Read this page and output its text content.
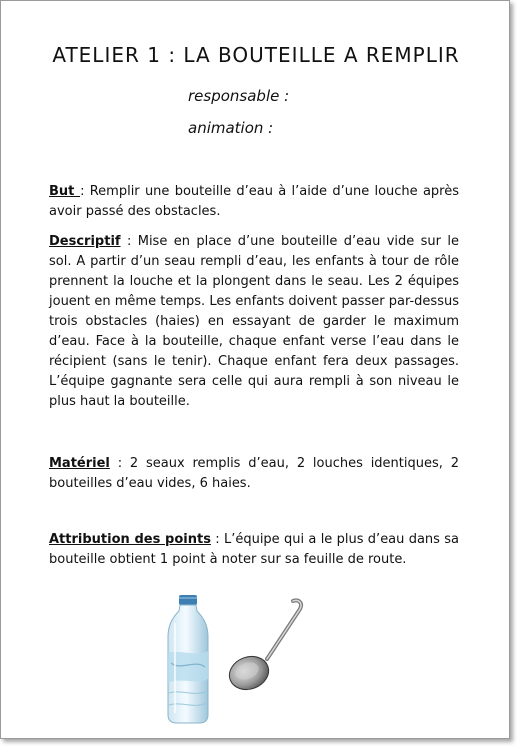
ATELIER 1 : LA BOUTEILLE A REMPLIR
responsable :
animation :

But : Remplir une bouteille d’eau à l’aide d’une louche après avoir passé des obstacles.

Descriptif : Mise en place d’une bouteille d’eau vide sur le sol. A partir d’un seau rempli d’eau, les enfants à tour de rôle prennent la louche et la plongent dans le seau. Les 2 équipes jouent en même temps. Les enfants doivent passer par-dessus trois obstacles (haies) en essayant de garder le maximum d’eau. Face à la bouteille, chaque enfant verse l’eau dans le récipient (sans le tenir). Chaque enfant fera deux passages. L’équipe gagnante sera celle qui aura rempli à son niveau le plus haut la bouteille.

Matériel : 2 seaux remplis d’eau, 2 louches identiques, 2 bouteilles d’eau vides, 6 haies.

Attribution des points : L’équipe qui a le plus d’eau dans sa bouteille obtient 1 point à noter sur sa feuille de route.
